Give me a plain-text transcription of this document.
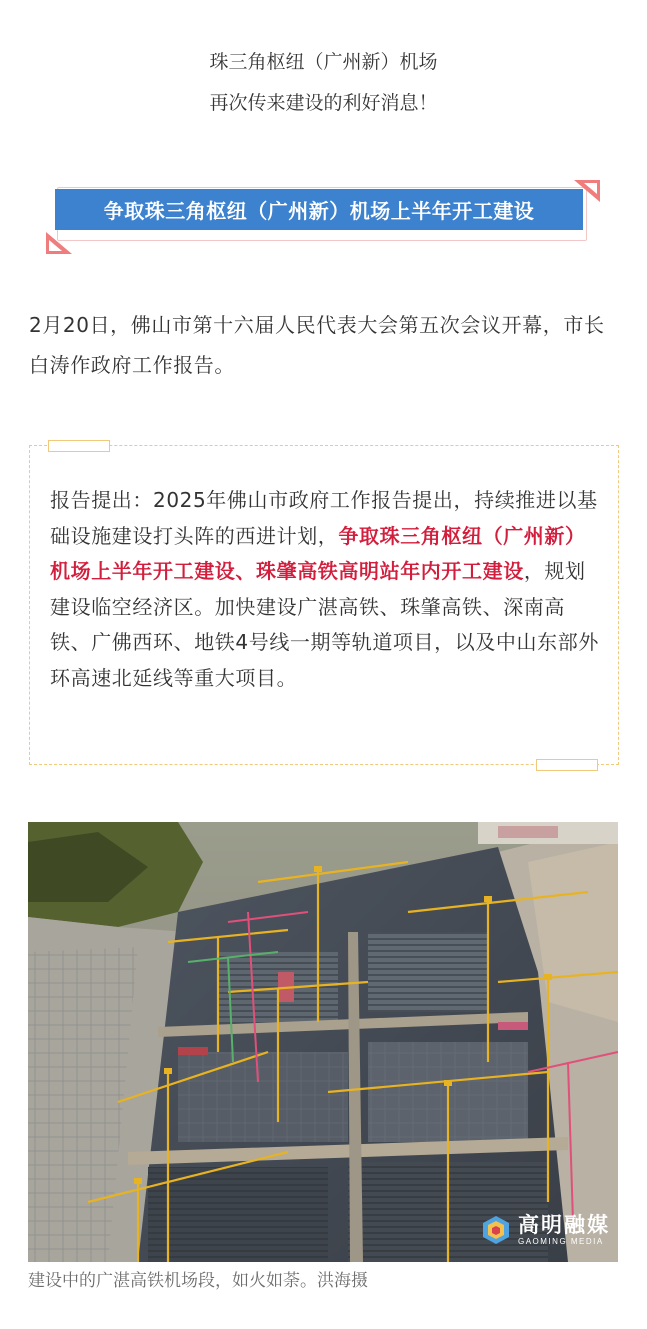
珠三角枢纽（广州新）机场
再次传来建设的利好消息！
争取珠三角枢纽（广州新）机场上半年开工建设
2月20日，佛山市第十六届人民代表大会第五次会议开幕，市长白涛作政府工作报告。
报告提出：2025年佛山市政府工作报告提出，持续推进以基础设施建设打头阵的西进计划，争取珠三角枢纽（广州新）机场上半年开工建设、珠肇高铁高明站年内开工建设，规划建设临空经济区。加快建设广湛高铁、珠肇高铁、深南高铁、广佛西环、地铁4号线一期等轨道项目，以及中山东部外环高速北延线等重大项目。
高明融媒
GAOMING MEDIA
建设中的广湛高铁机场段，如火如荼。洪海摄
